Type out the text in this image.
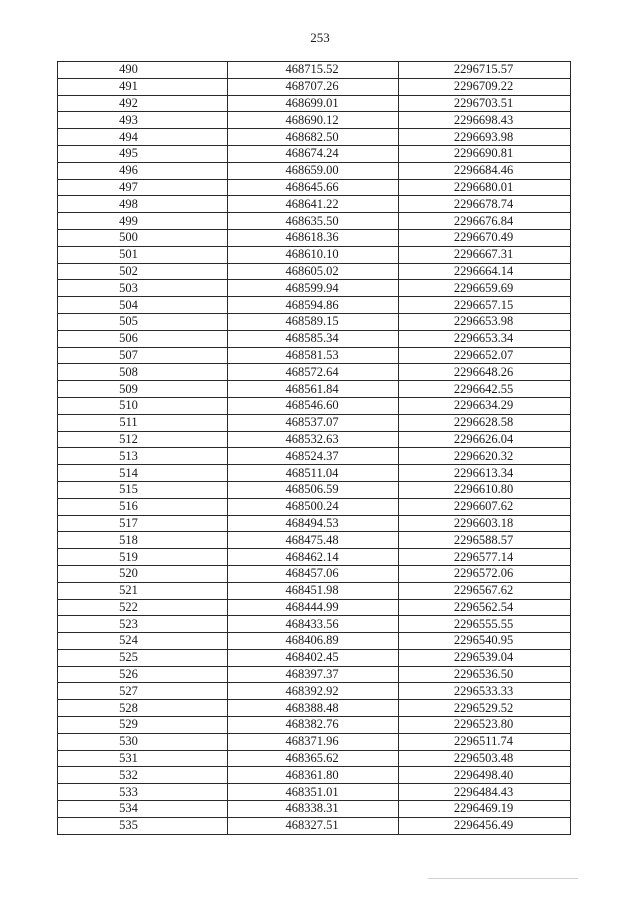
253
490	468715.52	2296715.57
491	468707.26	2296709.22
492	468699.01	2296703.51
493	468690.12	2296698.43
494	468682.50	2296693.98
495	468674.24	2296690.81
496	468659.00	2296684.46
497	468645.66	2296680.01
498	468641.22	2296678.74
499	468635.50	2296676.84
500	468618.36	2296670.49
501	468610.10	2296667.31
502	468605.02	2296664.14
503	468599.94	2296659.69
504	468594.86	2296657.15
505	468589.15	2296653.98
506	468585.34	2296653.34
507	468581.53	2296652.07
508	468572.64	2296648.26
509	468561.84	2296642.55
510	468546.60	2296634.29
511	468537.07	2296628.58
512	468532.63	2296626.04
513	468524.37	2296620.32
514	468511.04	2296613.34
515	468506.59	2296610.80
516	468500.24	2296607.62
517	468494.53	2296603.18
518	468475.48	2296588.57
519	468462.14	2296577.14
520	468457.06	2296572.06
521	468451.98	2296567.62
522	468444.99	2296562.54
523	468433.56	2296555.55
524	468406.89	2296540.95
525	468402.45	2296539.04
526	468397.37	2296536.50
527	468392.92	2296533.33
528	468388.48	2296529.52
529	468382.76	2296523.80
530	468371.96	2296511.74
531	468365.62	2296503.48
532	468361.80	2296498.40
533	468351.01	2296484.43
534	468338.31	2296469.19
535	468327.51	2296456.49
